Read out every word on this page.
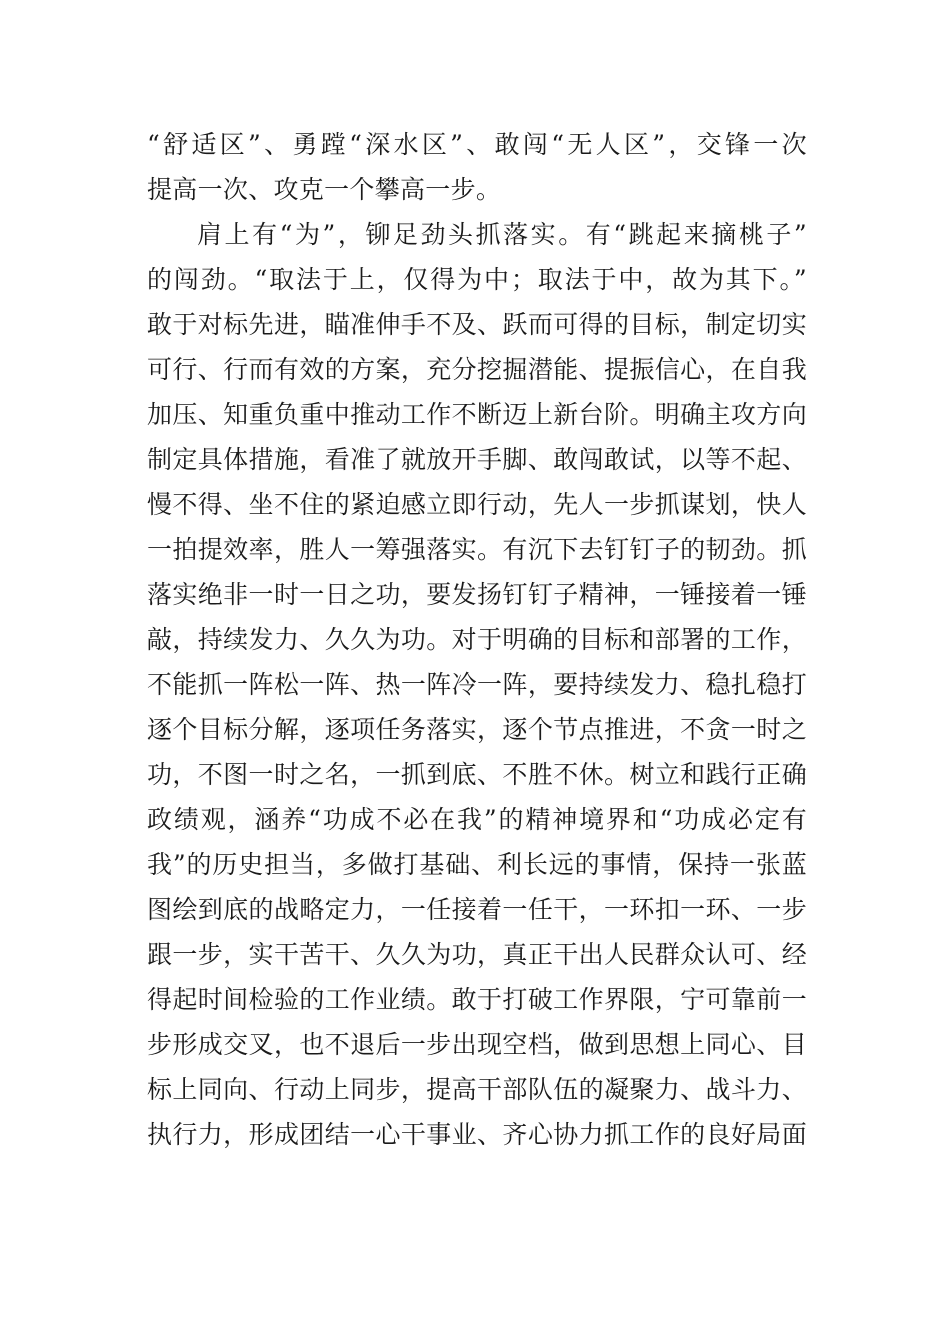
“舒适区”、勇蹚“深水区”、敢闯“无人区”，交锋一次
提高一次、攻克一个攀高一步。
肩上有“为”，铆足劲头抓落实。有“跳起来摘桃子”
的闯劲。“取法于上，仅得为中；取法于中，故为其下。”
敢于对标先进，瞄准伸手不及、跃而可得的目标，制定切实
可行、行而有效的方案，充分挖掘潜能、提振信心，在自我
加压、知重负重中推动工作不断迈上新台阶。明确主攻方向
制定具体措施，看准了就放开手脚、敢闯敢试，以等不起、
慢不得、坐不住的紧迫感立即行动，先人一步抓谋划，快人
一拍提效率，胜人一筹强落实。有沉下去钉钉子的韧劲。抓
落实绝非一时一日之功，要发扬钉钉子精神，一锤接着一锤
敲，持续发力、久久为功。对于明确的目标和部署的工作，
不能抓一阵松一阵、热一阵冷一阵，要持续发力、稳扎稳打
逐个目标分解，逐项任务落实，逐个节点推进，不贪一时之
功，不图一时之名，一抓到底、不胜不休。树立和践行正确
政绩观，涵养“功成不必在我”的精神境界和“功成必定有
我”的历史担当，多做打基础、利长远的事情，保持一张蓝
图绘到底的战略定力，一任接着一任干，一环扣一环、一步
跟一步，实干苦干、久久为功，真正干出人民群众认可、经
得起时间检验的工作业绩。敢于打破工作界限，宁可靠前一
步形成交叉，也不退后一步出现空档，做到思想上同心、目
标上同向、行动上同步，提高干部队伍的凝聚力、战斗力、
执行力，形成团结一心干事业、齐心协力抓工作的良好局面
